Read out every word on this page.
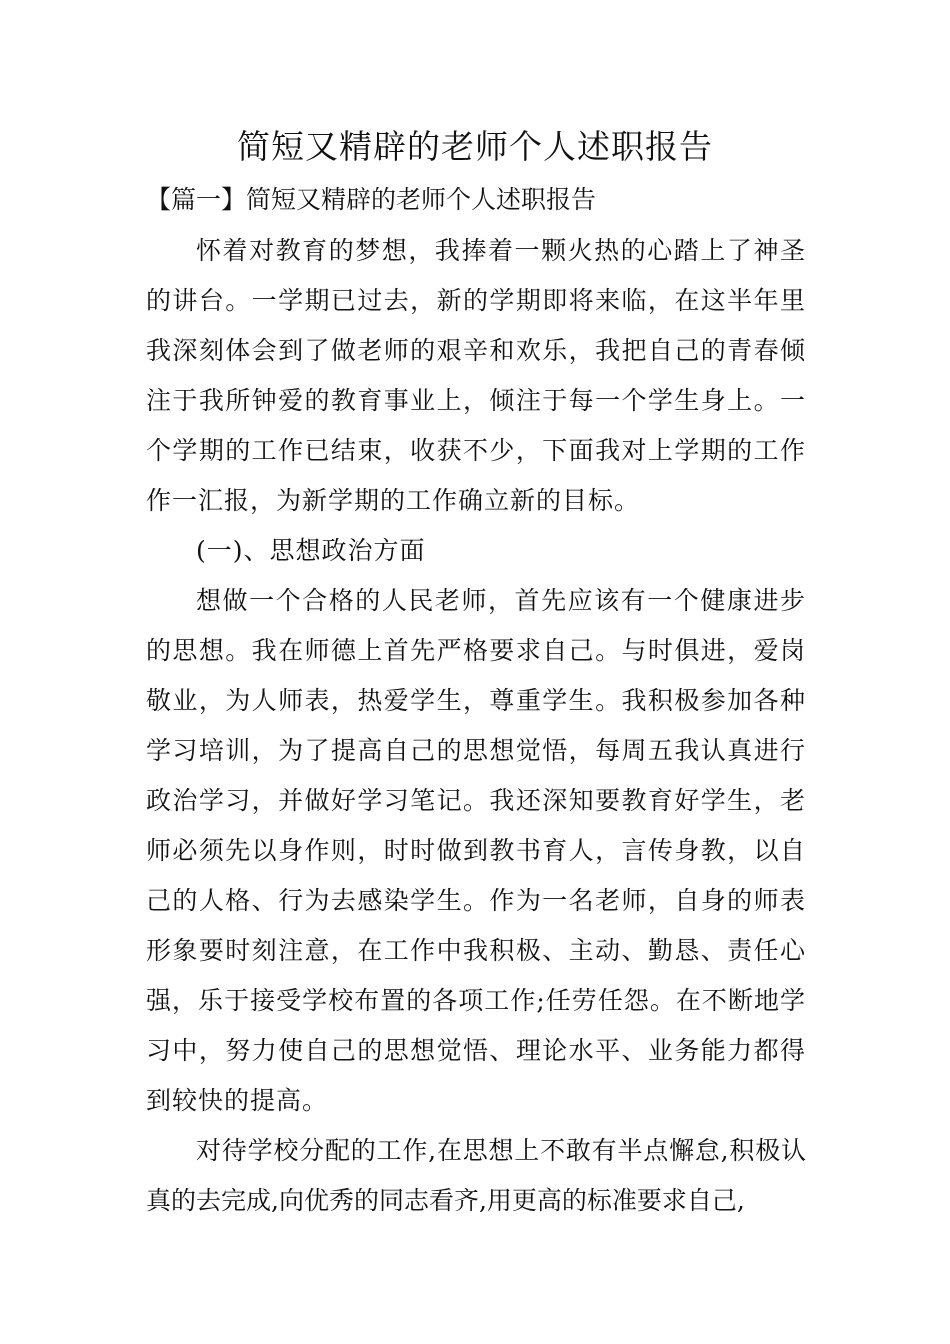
简短又精辟的老师个人述职报告

【篇一】简短又精辟的老师个人述职报告

怀着对教育的梦想，我捧着一颗火热的心踏上了神圣的讲台。一学期已过去，新的学期即将来临，在这半年里我深刻体会到了做老师的艰辛和欢乐，我把自己的青春倾注于我所钟爱的教育事业上，倾注于每一个学生身上。一个学期的工作已结束，收获不少，下面我对上学期的工作作一汇报，为新学期的工作确立新的目标。

(一)、思想政治方面

想做一个合格的人民老师，首先应该有一个健康进步的思想。我在师德上首先严格要求自己。与时俱进，爱岗敬业，为人师表，热爱学生，尊重学生。我积极参加各种学习培训，为了提高自己的思想觉悟，每周五我认真进行政治学习，并做好学习笔记。我还深知要教育好学生，老师必须先以身作则，时时做到教书育人，言传身教，以自己的人格、行为去感染学生。作为一名老师，自身的师表形象要时刻注意，在工作中我积极、主动、勤恳、责任心强，乐于接受学校布置的各项工作;任劳任怨。在不断地学习中，努力使自己的思想觉悟、理论水平、业务能力都得到较快的提高。

对待学校分配的工作,在思想上不敢有半点懈怠,积极认真的去完成,向优秀的同志看齐,用更高的标准要求自己,
